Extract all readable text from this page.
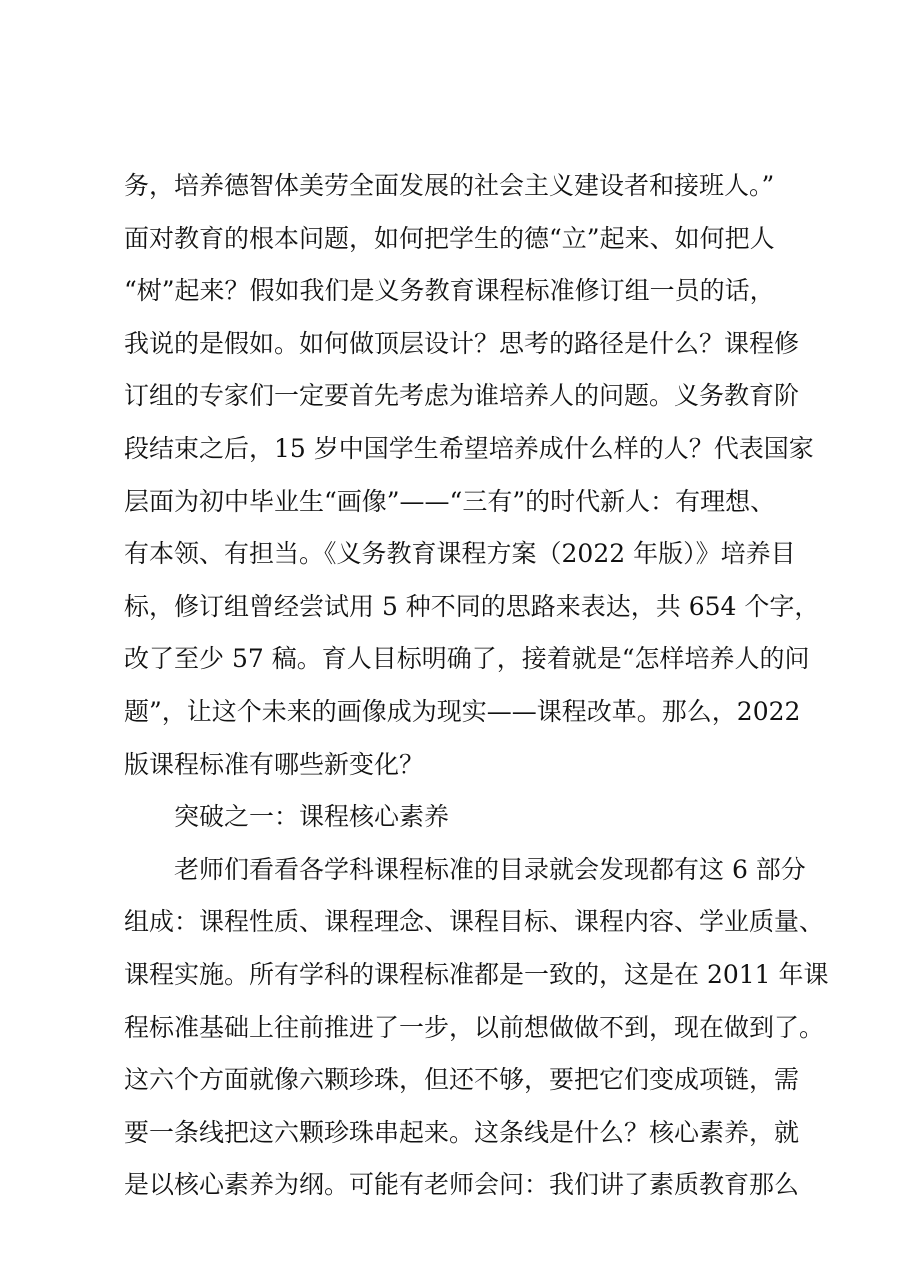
务，培养德智体美劳全面发展的社会主义建设者和接班人。”
面对教育的根本问题，如何把学生的德“立”起来、如何把人
“树”起来？假如我们是义务教育课程标准修订组一员的话，
我说的是假如。如何做顶层设计？思考的路径是什么？课程修
订组的专家们一定要首先考虑为谁培养人的问题。义务教育阶
段结束之后，15 岁中国学生希望培养成什么样的人？代表国家
层面为初中毕业生“画像”——“三有”的时代新人：有理想、
有本领、有担当。《义务教育课程方案（2022 年版）》培养目
标，修订组曾经尝试用 5 种不同的思路来表达，共 654 个字，
改了至少 57 稿。育人目标明确了，接着就是“怎样培养人的问
题”，让这个未来的画像成为现实——课程改革。那么，2022
版课程标准有哪些新变化？
突破之一：课程核心素养
老师们看看各学科课程标准的目录就会发现都有这 6 部分
组成：课程性质、课程理念、课程目标、课程内容、学业质量、
课程实施。所有学科的课程标准都是一致的，这是在 2011 年课
程标准基础上往前推进了一步，以前想做做不到，现在做到了。
这六个方面就像六颗珍珠，但还不够，要把它们变成项链，需
要一条线把这六颗珍珠串起来。这条线是什么？核心素养，就
是以核心素养为纲。可能有老师会问：我们讲了素质教育那么
